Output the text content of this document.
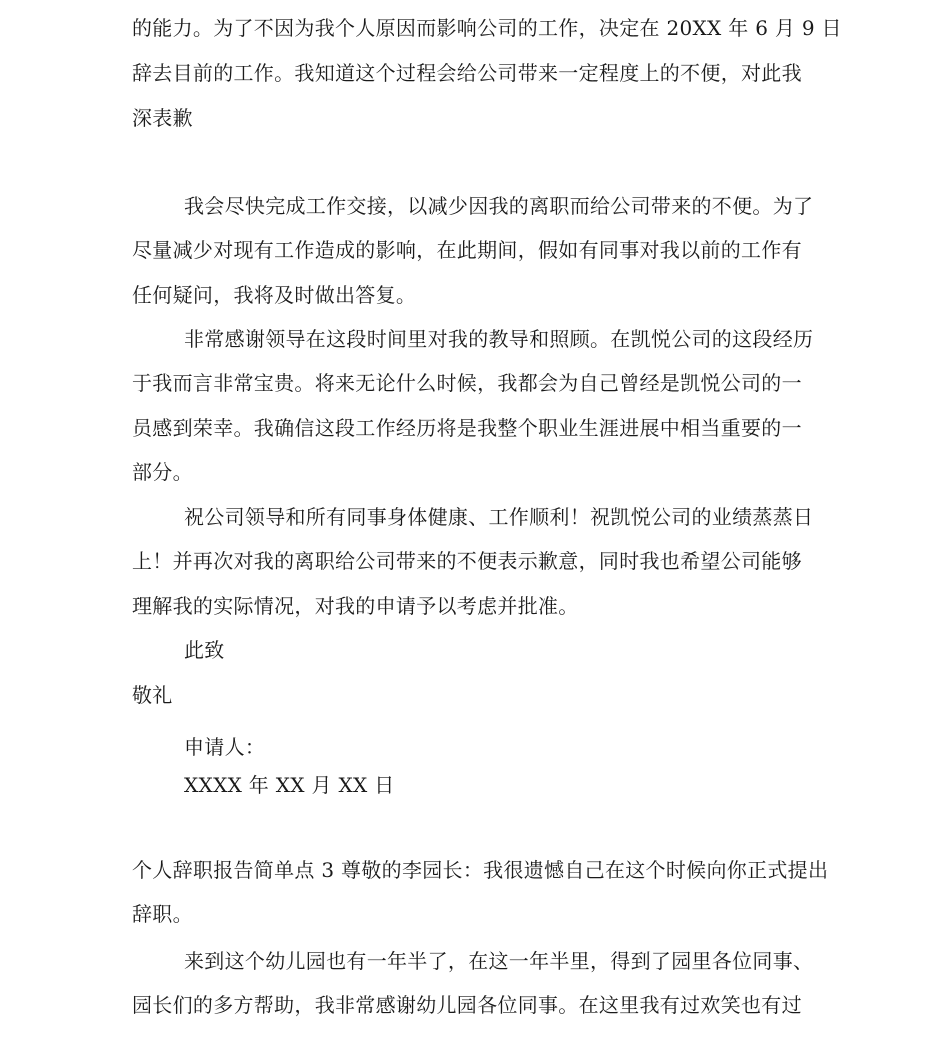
的能力。为了不因为我个人原因而影响公司的工作，决定在 20XX 年 6 月 9 日
辞去目前的工作。我知道这个过程会给公司带来一定程度上的不便，对此我
深表歉
我会尽快完成工作交接，以减少因我的离职而给公司带来的不便。为了
尽量减少对现有工作造成的影响，在此期间，假如有同事对我以前的工作有
任何疑问，我将及时做出答复。
非常感谢领导在这段时间里对我的教导和照顾。在凯悦公司的这段经历
于我而言非常宝贵。将来无论什么时候，我都会为自己曾经是凯悦公司的一
员感到荣幸。我确信这段工作经历将是我整个职业生涯进展中相当重要的一
部分。
祝公司领导和所有同事身体健康、工作顺利！祝凯悦公司的业绩蒸蒸日
上！并再次对我的离职给公司带来的不便表示歉意，同时我也希望公司能够
理解我的实际情况，对我的申请予以考虑并批准。
此致
敬礼
申请人：
XXXX 年 XX 月 XX 日
个人辞职报告简单点 3 尊敬的李园长：我很遗憾自己在这个时候向你正式提出
辞职。
来到这个幼儿园也有一年半了，在这一年半里，得到了园里各位同事、
园长们的多方帮助，我非常感谢幼儿园各位同事。在这里我有过欢笑也有过
